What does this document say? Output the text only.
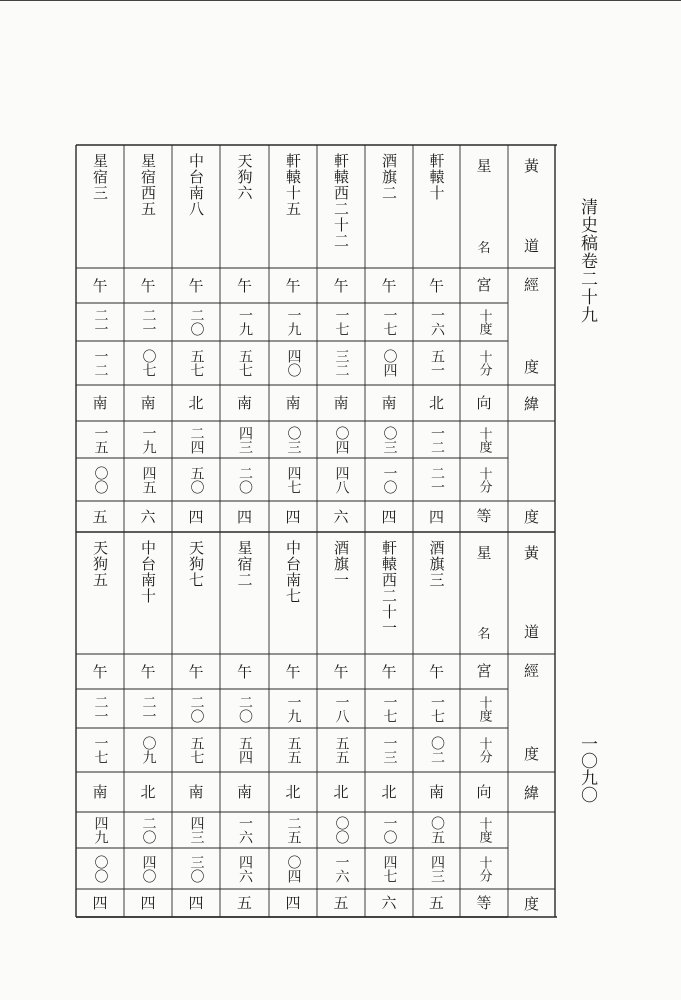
清史稿卷二十九
一〇九〇
軒轅十
午
一六
五一
北
一二
二一
四
酒旗二
午
一七
〇四
南
〇三
一〇
四
軒轅西二十二
午
一七
三二
南
〇四
四八
六
軒轅十五
午
一九
四〇
南
〇三
四七
四
天狗六
午
一九
五七
南
四三
二〇
四
中台南八
午
二〇
五七
北
二四
五〇
四
星宿西五
午
二一
〇七
南
一九
四五
六
星宿三
午
二一
一二
南
一五
〇〇
五
星
名
宮
十度
十分
向
十度
十分
等
黃
道
經
度
緯
度
酒旗三
午
一七
〇二
南
〇五
四三
五
軒轅西二十一
午
一七
一三
北
一〇
四七
六
酒旗一
午
一八
五五
北
〇〇
一六
五
中台南七
午
一九
五五
北
二五
〇四
四
星宿二
午
二〇
五四
南
一六
四六
五
天狗七
午
二〇
五七
南
四三
三〇
四
中台南十
午
二一
〇九
北
二〇
四〇
四
天狗五
午
二一
一七
南
四九
〇〇
四
星
名
宮
十度
十分
向
十度
十分
等
黃
道
經
度
緯
度
